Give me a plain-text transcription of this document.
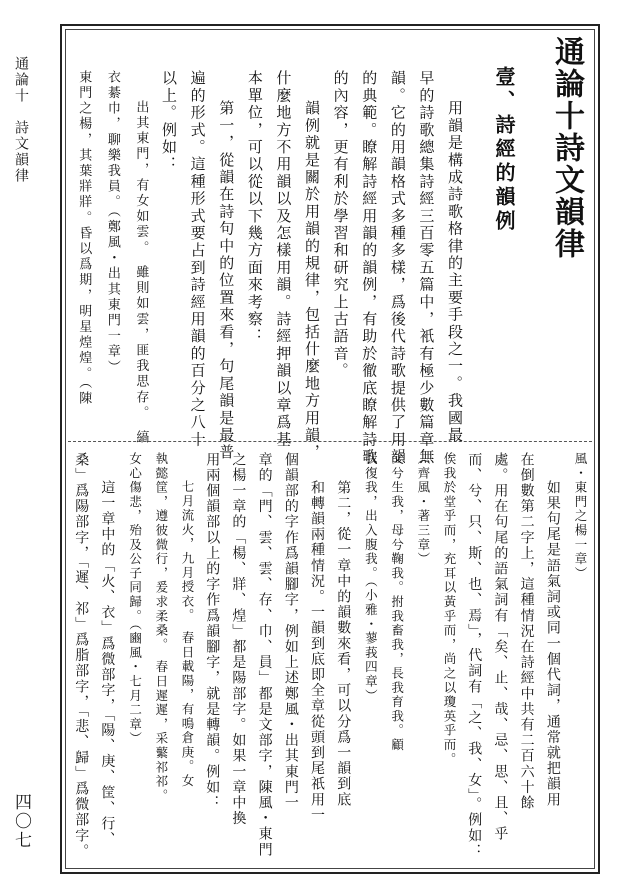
通論十　詩文韻律
四〇七
通論十詩文韻律
壹、詩經的韻例
用韻是構成詩歌格律的主要手段之一。我國最
早的詩歌總集詩經三百零五篇中，衹有極少數篇章無
韻。它的用韻格式多種多樣，爲後代詩歌提供了用韻
的典範。瞭解詩經用韻的韻例，有助於徹底瞭解詩歌
的內容，更有利於學習和研究上古語音。
韻例就是關於用韻的規律，包括什麼地方用韻，
什麼地方不用韻以及怎樣用韻。詩經押韻以章爲基
本單位，可以從以下幾方面來考察：
第一，從韻在詩句中的位置來看，句尾韻是最普
遍的形式。這種形式要占到詩經用韻的百分之八十
以上。例如：
出其東門，有女如雲。　雖則如雲，匪我思存。　縞
衣綦巾，聊樂我員。（鄭風・出其東門一章）
東門之楊，其葉牂牂。昏以爲期，明星煌煌。（陳
風・東門之楊一章）
如果句尾是語氣詞或同一個代詞，通常就把韻用
在倒數第二字上，這種情況在詩經中共有二百六十餘
處。用在句尾的語氣詞有「矣、止、哉、忌、思、且、乎
而、兮、只、斯、也、焉」，代詞有「之、我、女」。例如：
俟我於堂乎而，充耳以黃乎而，尚之以瓊英乎而。
（齊風・著三章）
父兮生我，母兮鞠我。拊我畜我，長我育我。顧
我復我，出入腹我。（小雅・蓼莪四章）
第二，從一章中的韻數來看，可以分爲一韻到底
和轉韻兩種情況。一韻到底即全章從頭到尾祇用一
個韻部的字作爲韻腳字，例如上述鄭風・出其東門一
章的「門、雲、雲、存、巾、員」都是文部字，陳風・東門
之楊一章的「楊、牂、煌」都是陽部字。如果一章中換
用兩個韻部以上的字作爲韻腳字，就是轉韻。例如：
七月流火，九月授衣。　春日載陽，有鳴倉庚。女
執懿筐，遵彼微行，爰求柔桑。　春日遲遲，采蘩祁祁。
女心傷悲，殆及公子同歸。（豳風・七月二章）
這一章中的「火、衣」爲微部字，「陽、庚、筐、行、
桑」爲陽部字，「遲、祁」爲脂部字，「悲、歸」爲微部字。
